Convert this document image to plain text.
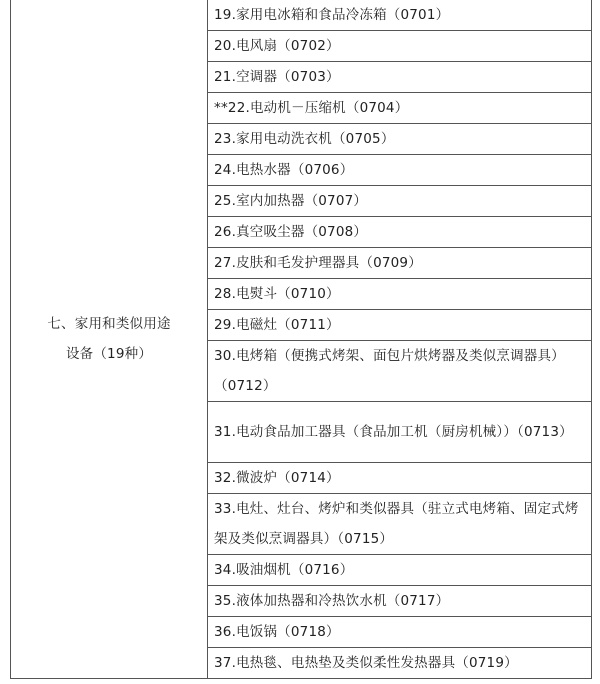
七、家用和类似用途
设备（19种）
	19.家用电冰箱和食品冷冻箱（0701）
20.电风扇（0702）
21.空调器（0703）
**22.电动机－压缩机（0704）
23.家用电动洗衣机（0705）
24.电热水器（0706）
25.室内加热器（0707）
26.真空吸尘器（0708）
27.皮肤和毛发护理器具（0709）
28.电熨斗（0710）
29.电磁灶（0711）
30.电烤箱（便携式烤架、面包片烘烤器及类似烹调器具）（0712）
31.电动食品加工器具（食品加工机（厨房机械））（0713）
32.微波炉（0714）
33.电灶、灶台、烤炉和类似器具（驻立式电烤箱、固定式烤架及类似烹调器具）（0715）
34.吸油烟机（0716）
35.液体加热器和冷热饮水机（0717）
36.电饭锅（0718）
37.电热毯、电热垫及类似柔性发热器具（0719）
